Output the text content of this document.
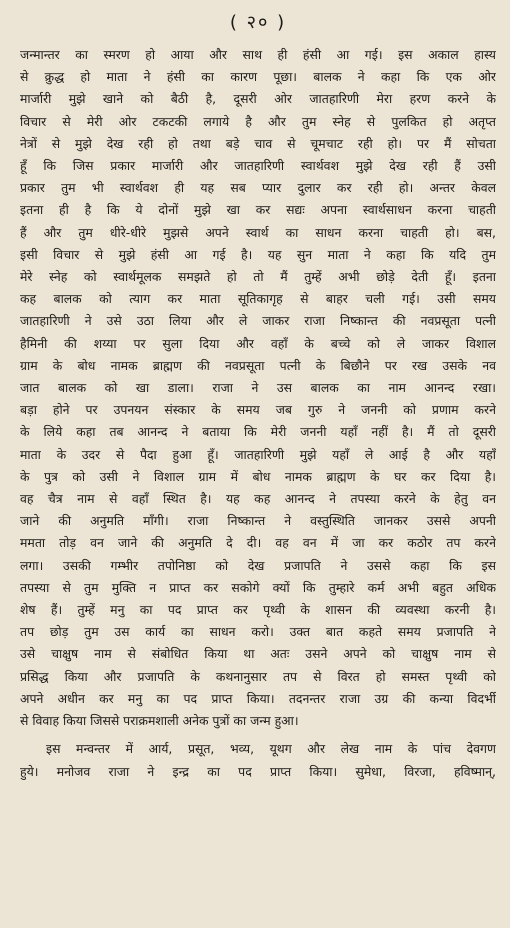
( २० )
जन्मान्तर का स्मरण हो आया और साथ ही हंसी आ गई। इस अकाल हास्य
से क्रुद्ध हो माता ने हंसी का कारण पूछा। बालक ने कहा कि एक ओर
मार्जारी मुझे खाने को बैठी है, दूसरी ओर जातहारिणी मेरा हरण करने के
विचार से मेरी ओर टकटकी लगाये है और तुम स्नेह से पुलकित हो अतृप्त
नेत्रों से मुझे देख रही हो तथा बड़े चाव से चूमचाट रही हो। पर मैं सोचता
हूँ कि जिस प्रकार मार्जारी और जातहारिणी स्वार्थवश मुझे देख रही हैं उसी
प्रकार तुम भी स्वार्थवश ही यह सब प्यार दुलार कर रही हो। अन्तर केवल
इतना ही है कि ये दोनों मुझे खा कर सद्यः अपना स्वार्थसाधन करना चाहती
हैं और तुम धीरे-धीरे मुझसे अपने स्वार्थ का साधन करना चाहती हो। बस,
इसी विचार से मुझे हंसी आ गई है। यह सुन माता ने कहा कि यदि तुम
मेरे स्नेह को स्वार्थमूलक समझते हो तो मैं तुम्हें अभी छोड़े देती हूँ। इतना
कह बालक को त्याग कर माता सूतिकागृह से बाहर चली गई। उसी समय
जातहारिणी ने उसे उठा लिया और ले जाकर राजा निष्कान्त की नवप्रसूता पत्नी
हैमिनी की शय्या पर सुला दिया और वहाँ के बच्चे को ले जाकर विशाल
ग्राम के बोध नामक ब्राह्मण की नवप्रसूता पत्नी के बिछौने पर रख उसके नव
जात बालक को खा डाला। राजा ने उस बालक का नाम आनन्द रखा।
बड़ा होने पर उपनयन संस्कार के समय जब गुरु ने जननी को प्रणाम करने
के लिये कहा तब आनन्द ने बताया कि मेरी जननी यहाँ नहीं है। मैं तो दूसरी
माता के उदर से पैदा हुआ हूँ। जातहारिणी मुझे यहाँ ले आई है और यहाँ
के पुत्र को उसी ने विशाल ग्राम में बोध नामक ब्राह्मण के घर कर दिया है।
वह चैत्र नाम से वहाँ स्थित है। यह कह आनन्द ने तपस्या करने के हेतु वन
जाने की अनुमति माँगी। राजा निष्कान्त ने वस्तुस्थिति जानकर उससे अपनी
ममता तोड़ वन जाने की अनुमति दे दी। वह वन में जा कर कठोर तप करने
लगा। उसकी गम्भीर तपोनिष्ठा को देख प्रजापति ने उससे कहा कि इस
तपस्या से तुम मुक्ति न प्राप्त कर सकोगे क्यों कि तुम्हारे कर्म अभी बहुत अधिक
शेष हैं। तुम्हें मनु का पद प्राप्त कर पृथ्वी के शासन की व्यवस्था करनी है।
तप छोड़ तुम उस कार्य का साधन करो। उक्त बात कहते समय प्रजापति ने
उसे चाक्षुष नाम से संबोधित किया था अतः उसने अपने को चाक्षुष नाम से
प्रसिद्ध किया और प्रजापति के कथनानुसार तप से विरत हो समस्त पृथ्वी को
अपने अधीन कर मनु का पद प्राप्त किया। तदनन्तर राजा उग्र की कन्या विदर्भी
से विवाह किया जिससे पराक्रमशाली अनेक पुत्रों का जन्म हुआ।
इस मन्वन्तर में आर्य, प्रसूत, भव्य, यूथग और लेख नाम के पांच देवगण
हुये। मनोजव राजा ने इन्द्र का पद प्राप्त किया। सुमेधा, विरजा, हविष्मान्,
